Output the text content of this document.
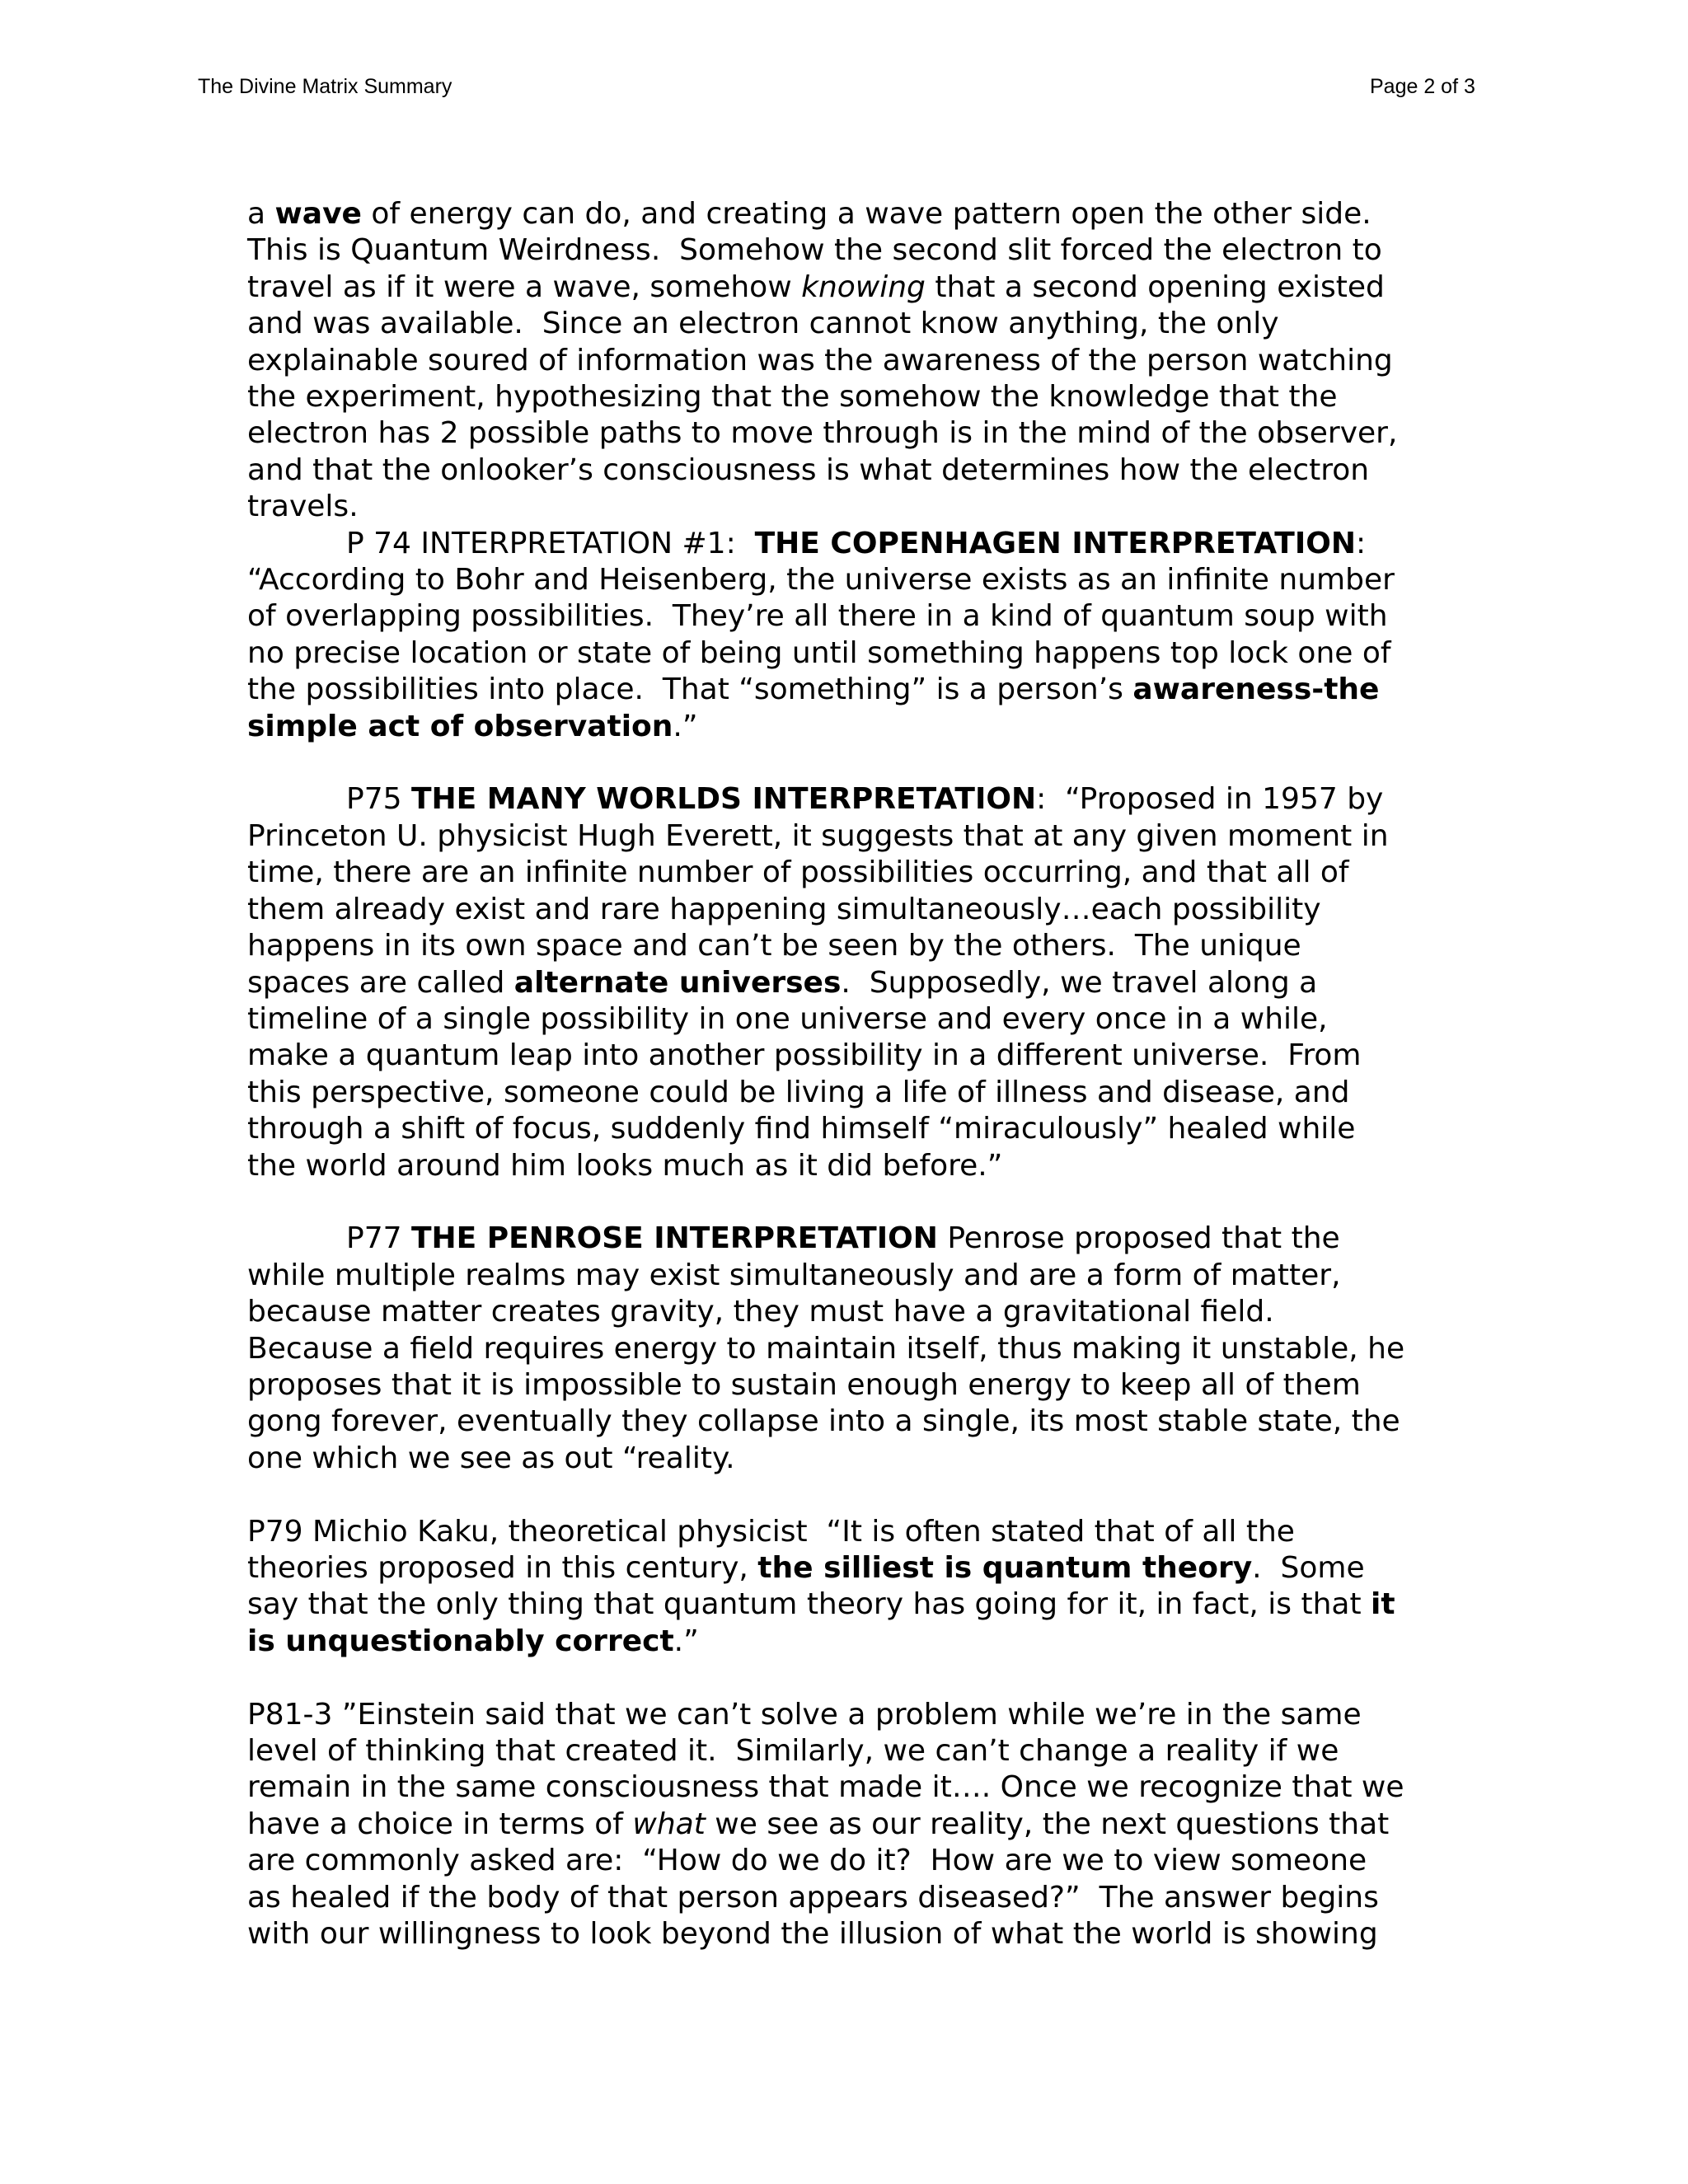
The Divine Matrix Summary	Page 2 of 3
a wave of energy can do, and creating a wave pattern open the other side.
This is Quantum Weirdness.  Somehow the second slit forced the electron to
travel as if it were a wave, somehow knowing that a second opening existed
and was available.  Since an electron cannot know anything, the only
explainable soured of information was the awareness of the person watching
the experiment, hypothesizing that the somehow the knowledge that the
electron has 2 possible paths to move through is in the mind of the observer,
and that the onlooker’s consciousness is what determines how the electron
travels.
P 74 INTERPRETATION #1:  THE COPENHAGEN INTERPRETATION:
“According to Bohr and Heisenberg, the universe exists as an infinite number
of overlapping possibilities.  They’re all there in a kind of quantum soup with
no precise location or state of being until something happens top lock one of
the possibilities into place.  That “something” is a person’s awareness-the
simple act of observation.”
P75 THE MANY WORLDS INTERPRETATION:  “Proposed in 1957 by
Princeton U. physicist Hugh Everett, it suggests that at any given moment in
time, there are an infinite number of possibilities occurring, and that all of
them already exist and rare happening simultaneously…each possibility
happens in its own space and can’t be seen by the others.  The unique
spaces are called alternate universes.  Supposedly, we travel along a
timeline of a single possibility in one universe and every once in a while,
make a quantum leap into another possibility in a different universe.  From
this perspective, someone could be living a life of illness and disease, and
through a shift of focus, suddenly find himself “miraculously” healed while
the world around him looks much as it did before.”
P77 THE PENROSE INTERPRETATION Penrose proposed that the
while multiple realms may exist simultaneously and are a form of matter,
because matter creates gravity, they must have a gravitational field.
Because a field requires energy to maintain itself, thus making it unstable, he
proposes that it is impossible to sustain enough energy to keep all of them
gong forever, eventually they collapse into a single, its most stable state, the
one which we see as out “reality.
P79 Michio Kaku, theoretical physicist  “It is often stated that of all the
theories proposed in this century, the silliest is quantum theory.  Some
say that the only thing that quantum theory has going for it, in fact, is that it
is unquestionably correct.”
P81-3 ”Einstein said that we can’t solve a problem while we’re in the same
level of thinking that created it.  Similarly, we can’t change a reality if we
remain in the same consciousness that made it…. Once we recognize that we
have a choice in terms of what we see as our reality, the next questions that
are commonly asked are:  “How do we do it?  How are we to view someone
as healed if the body of that person appears diseased?”  The answer begins
with our willingness to look beyond the illusion of what the world is showing
